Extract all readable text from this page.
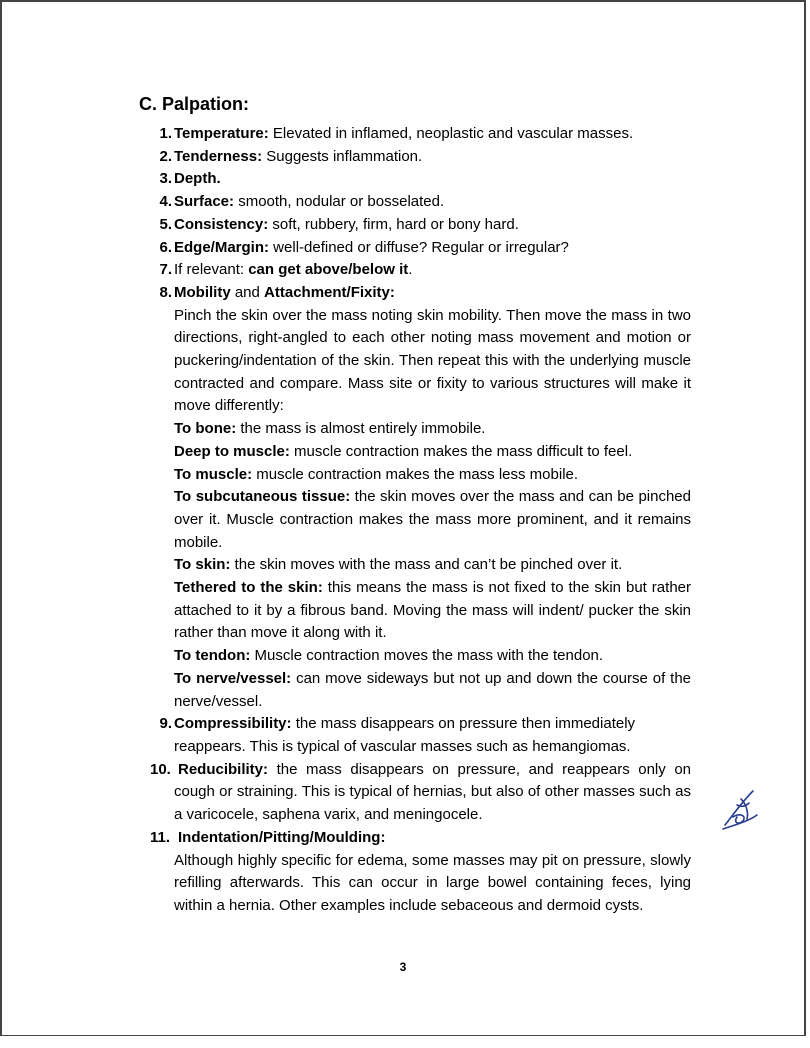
C. Palpation:
1. Temperature: Elevated in inflamed, neoplastic and vascular masses.
2. Tenderness: Suggests inflammation.
3. Depth.
4. Surface: smooth, nodular or bosselated.
5. Consistency: soft, rubbery, firm, hard or bony hard.
6. Edge/Margin: well-defined or diffuse? Regular or irregular?
7. If relevant: can get above/below it.
8. Mobility and Attachment/Fixity:
Pinch the skin over the mass noting skin mobility. Then move the mass in two directions, right-angled to each other noting mass movement and motion or puckering/indentation of the skin. Then repeat this with the underlying muscle contracted and compare. Mass site or fixity to various structures will make it move differently:
To bone: the mass is almost entirely immobile.
Deep to muscle: muscle contraction makes the mass difficult to feel.
To muscle: muscle contraction makes the mass less mobile.
To subcutaneous tissue: the skin moves over the mass and can be pinched over it. Muscle contraction makes the mass more prominent, and it remains mobile.
To skin: the skin moves with the mass and can’t be pinched over it.
Tethered to the skin: this means the mass is not fixed to the skin but rather attached to it by a fibrous band. Moving the mass will indent/ pucker the skin rather than move it along with it.
To tendon: Muscle contraction moves the mass with the tendon.
To nerve/vessel: can move sideways but not up and down the course of the nerve/vessel.
9. Compressibility: the mass disappears on pressure then immediately reappears. This is typical of vascular masses such as hemangiomas.
10. Reducibility: the mass disappears on pressure, and reappears only on cough or straining. This is typical of hernias, but also of other masses such as a varicocele, saphena varix, and meningocele.
11. Indentation/Pitting/Moulding:
Although highly specific for edema, some masses may pit on pressure, slowly refilling afterwards. This can occur in large bowel containing feces, lying within a hernia. Other examples include sebaceous and dermoid cysts.
3
